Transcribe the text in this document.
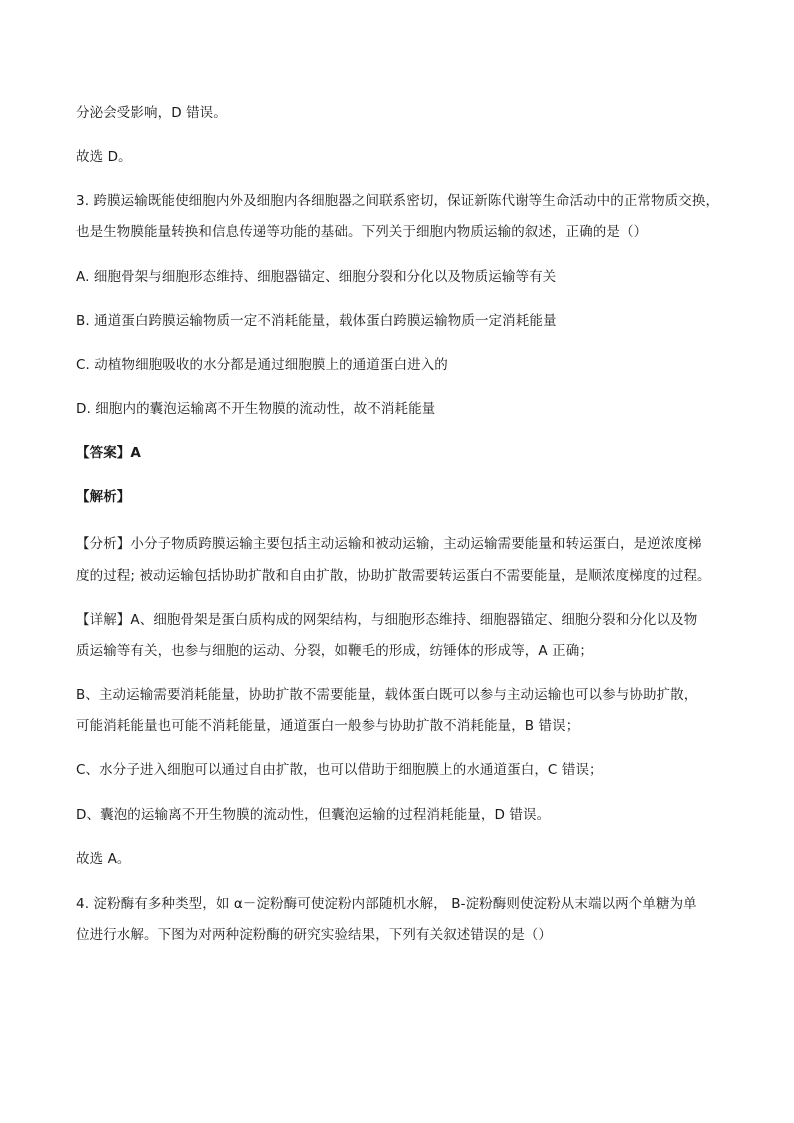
分泌会受影响，D 错误。
故选 D。
3. 跨膜运输既能使细胞内外及细胞内各细胞器之间联系密切，保证新陈代谢等生命活动中的正常物质交换，
也是生物膜能量转换和信息传递等功能的基础。下列关于细胞内物质运输的叙述，正确的是（）
A. 细胞骨架与细胞形态维持、细胞器锚定、细胞分裂和分化以及物质运输等有关
B. 通道蛋白跨膜运输物质一定不消耗能量，载体蛋白跨膜运输物质一定消耗能量
C. 动植物细胞吸收的水分都是通过细胞膜上的通道蛋白进入的
D. 细胞内的囊泡运输离不开生物膜的流动性，故不消耗能量
【答案】A
【解析】
【分析】小分子物质跨膜运输主要包括主动运输和被动运输，主动运输需要能量和转运蛋白，是逆浓度梯
度的过程; 被动运输包括协助扩散和自由扩散，协助扩散需要转运蛋白不需要能量，是顺浓度梯度的过程。
【详解】A、细胞骨架是蛋白质构成的网架结构，与细胞形态维持、细胞器锚定、细胞分裂和分化以及物
质运输等有关，也参与细胞的运动、分裂，如鞭毛的形成，纺锤体的形成等，A 正确；
B、主动运输需要消耗能量，协助扩散不需要能量，载体蛋白既可以参与主动运输也可以参与协助扩散，
可能消耗能量也可能不消耗能量，通道蛋白一般参与协助扩散不消耗能量，B 错误；
C、水分子进入细胞可以通过自由扩散，也可以借助于细胞膜上的水通道蛋白，C 错误；
D、囊泡的运输离不开生物膜的流动性，但囊泡运输的过程消耗能量，D 错误。
故选 A。
4. 淀粉酶有多种类型，如 α－淀粉酶可使淀粉内部随机水解， B-淀粉酶则使淀粉从末端以两个单糖为单
位进行水解。下图为对两种淀粉酶的研究实验结果，下列有关叙述错误的是（）
